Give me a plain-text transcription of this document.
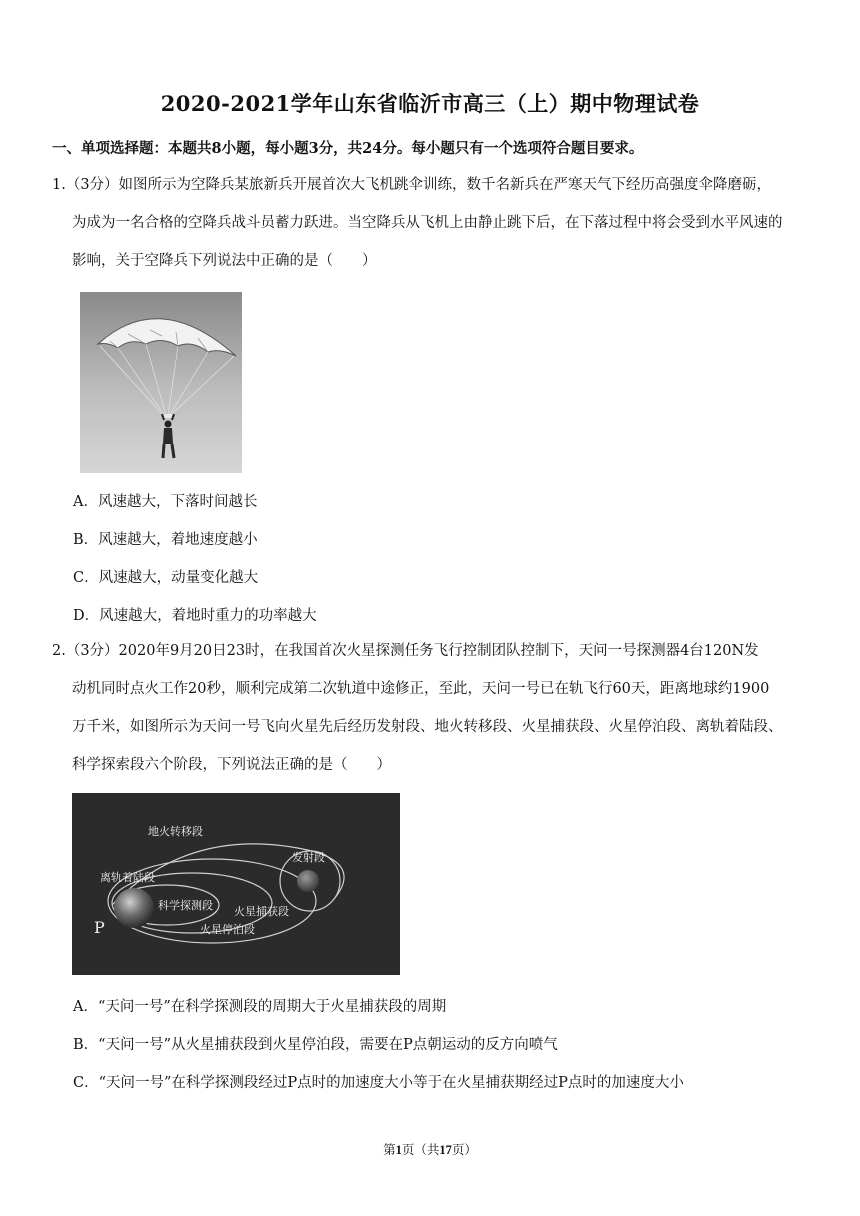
2020-2021学年山东省临沂市高三（上）期中物理试卷
一、单项选择题：本题共8小题，每小题3分，共24分。每小题只有一个选项符合题目要求。
1.（3分）如图所示为空降兵某旅新兵开展首次大飞机跳伞训练，数千名新兵在严寒天气下经历高强度伞降磨砺，
为成为一名合格的空降兵战斗员蓄力跃进。当空降兵从飞机上由静止跳下后，在下落过程中将会受到水平风速的
影响，关于空降兵下列说法中正确的是（　　）
A．风速越大，下落时间越长
B．风速越大，着地速度越小
C．风速越大，动量变化越大
D．风速越大，着地时重力的功率越大
2.（3分）2020年9月20日23时，在我国首次火星探测任务飞行控制团队控制下，天问一号探测器4台120N发
动机同时点火工作20秒，顺利完成第二次轨道中途修正，至此，天问一号已在轨飞行60天，距离地球约1900
万千米，如图所示为天问一号飞向火星先后经历发射段、地火转移段、火星捕获段、火星停泊段、离轨着陆段、
科学探索段六个阶段，下列说法正确的是（　　）
地火转移段
发射段
离轨着陆段
科学探测段 火星捕获段
火星停泊段
P
A．“天问一号”在科学探测段的周期大于火星捕获段的周期
B．“天问一号”从火星捕获段到火星停泊段，需要在P点朝运动的反方向喷气
C．“天问一号”在科学探测段经过P点时的加速度大小等于在火星捕获期经过P点时的加速度大小
第1页（共17页）
